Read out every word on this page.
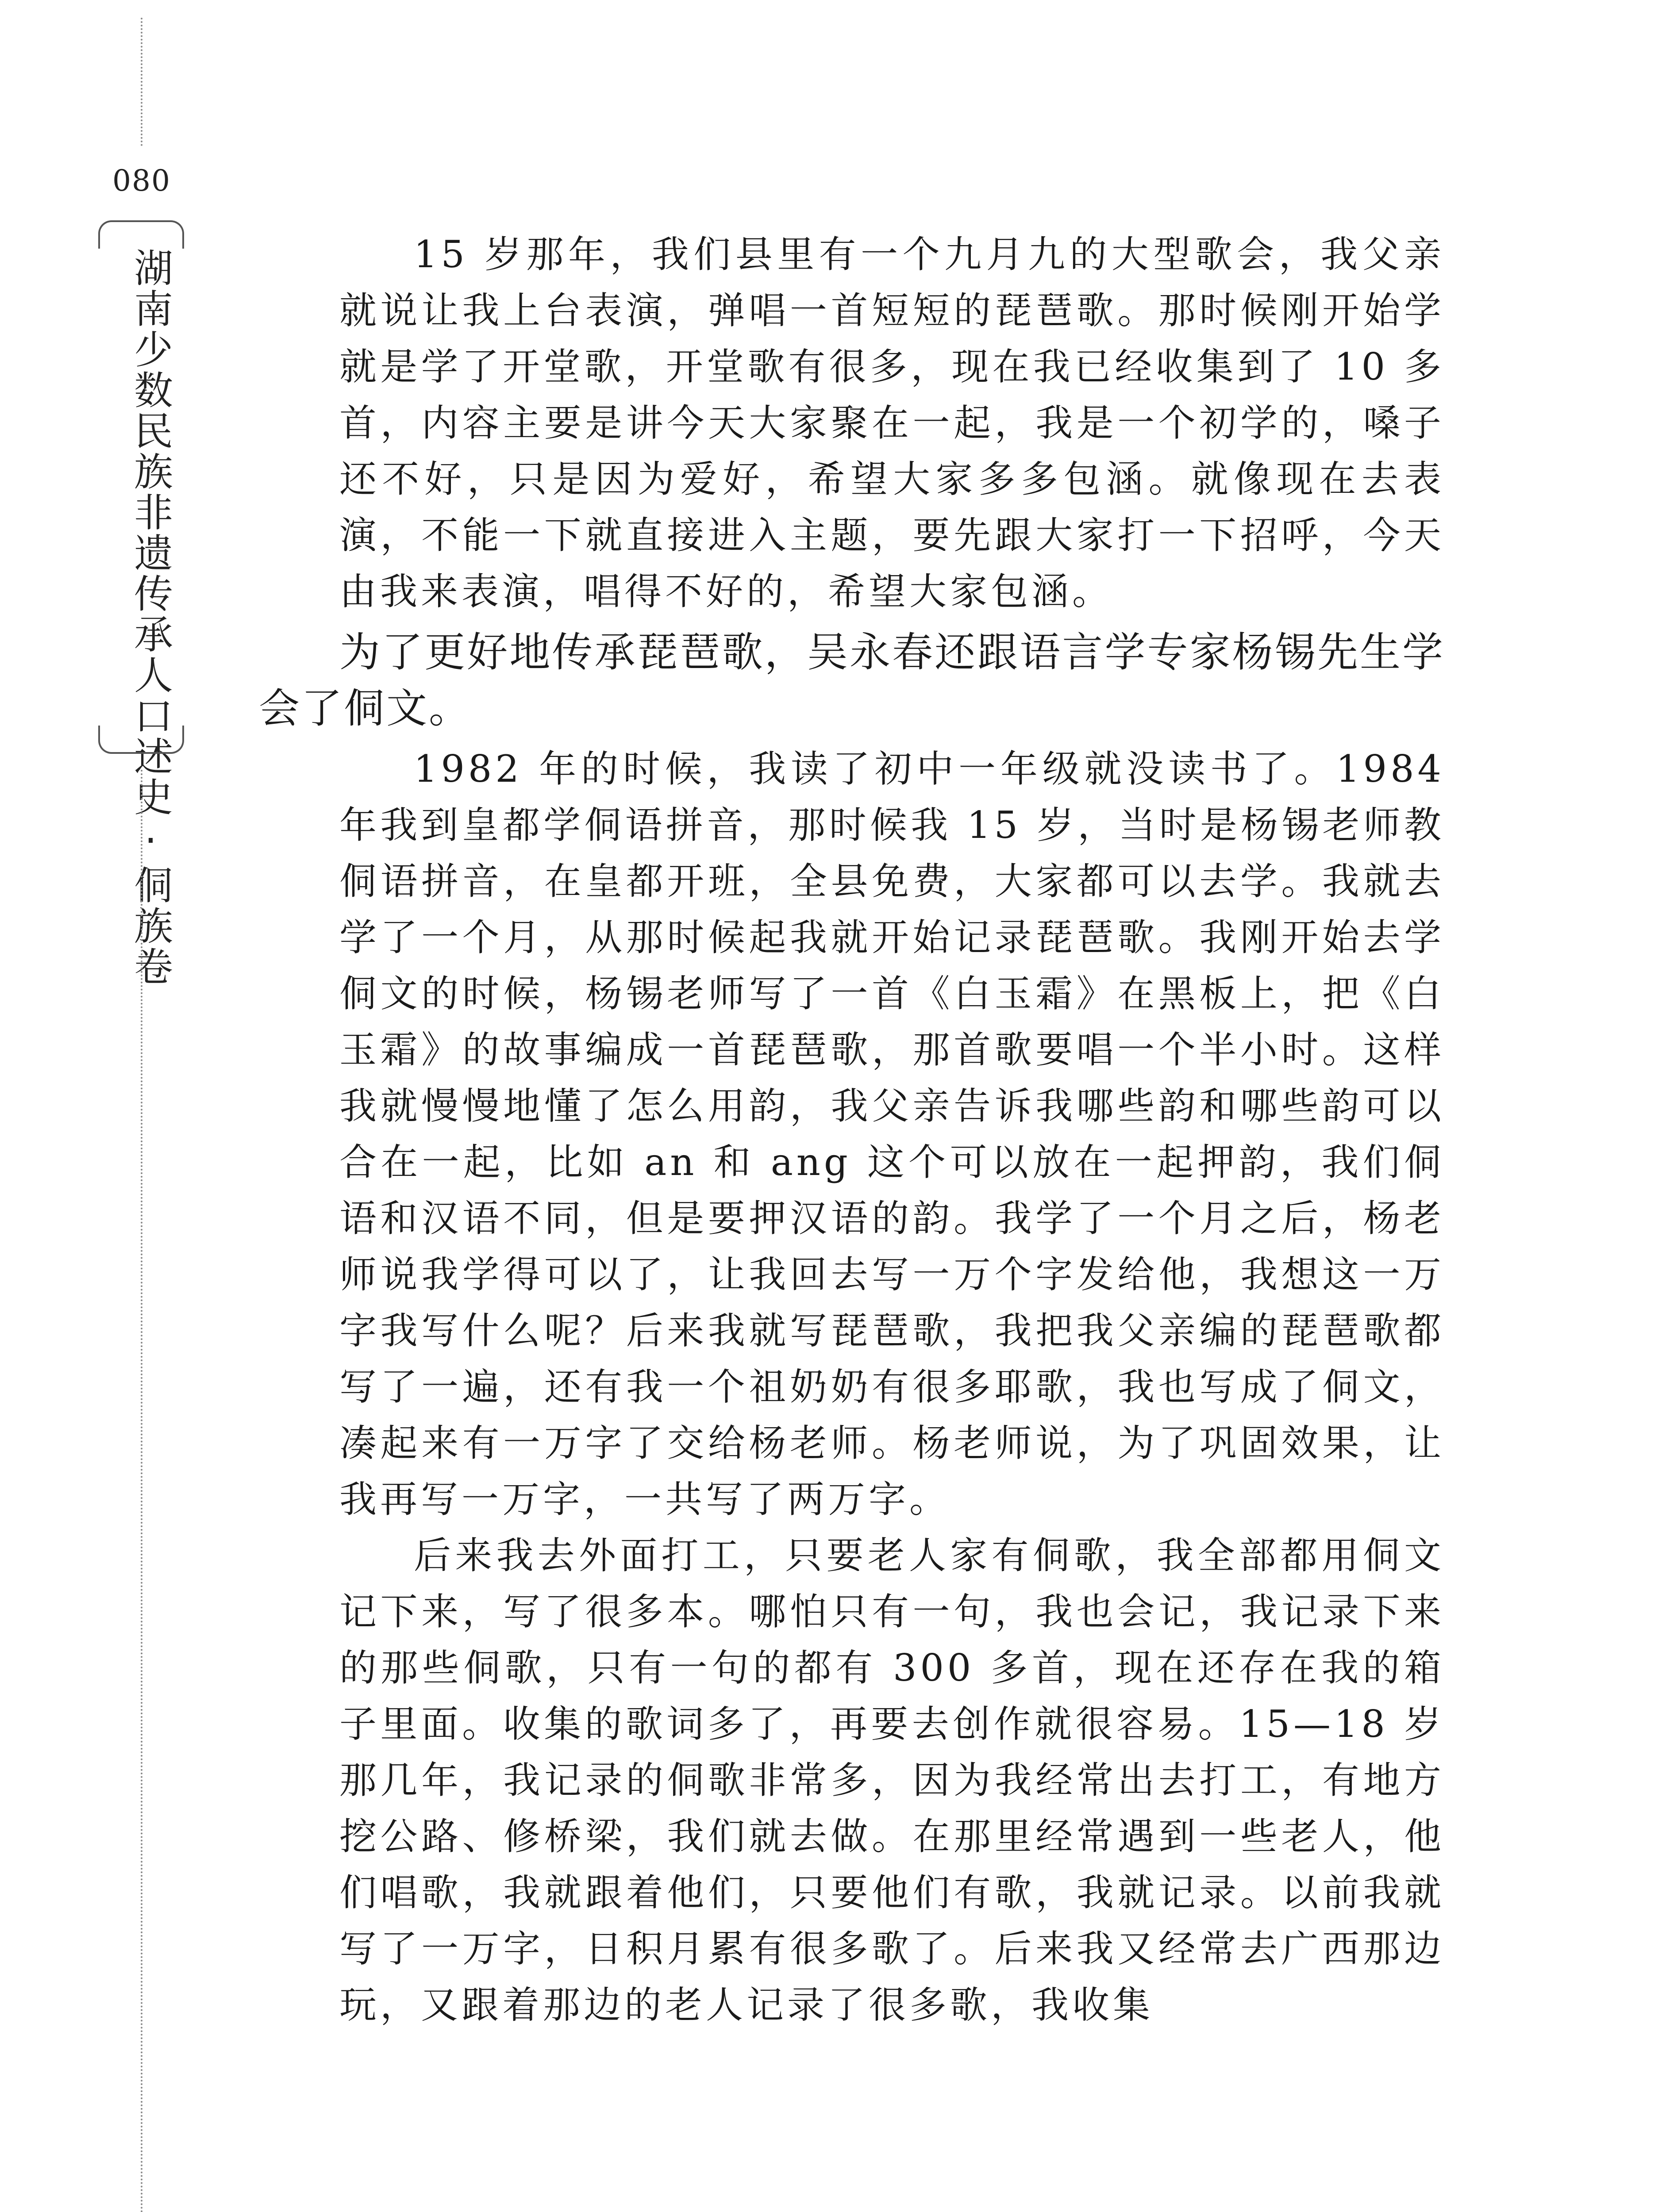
080
湖南少数民族非遗传承人口述史·侗族卷	15 岁那年，我们县里有一个九月九的大型歌会，我父亲就说让我上台表演，弹唱一首短短的琵琶歌。那时候刚开始学就是学了开堂歌，开堂歌有很多，现在我已经收集到了 10 多首，内容主要是讲今天大家聚在一起，我是一个初学的，嗓子还不好，只是因为爱好，希望大家多多包涵。就像现在去表演，不能一下就直接进入主题，要先跟大家打一下招呼，今天由我来表演，唱得不好的，希望大家包涵。

为了更好地传承琵琶歌，吴永春还跟语言学专家杨锡先生学会了侗文。

1982 年的时候，我读了初中一年级就没读书了。1984 年我到皇都学侗语拼音，那时候我 15 岁，当时是杨锡老师教侗语拼音，在皇都开班，全县免费，大家都可以去学。我就去学了一个月，从那时候起我就开始记录琵琶歌。我刚开始去学侗文的时候，杨锡老师写了一首《白玉霜》在黑板上，把《白玉霜》的故事编成一首琵琶歌，那首歌要唱一个半小时。这样我就慢慢地懂了怎么用韵，我父亲告诉我哪些韵和哪些韵可以合在一起，比如 an 和 ang 这个可以放在一起押韵，我们侗语和汉语不同，但是要押汉语的韵。我学了一个月之后，杨老师说我学得可以了，让我回去写一万个字发给他，我想这一万字我写什么呢？后来我就写琵琶歌，我把我父亲编的琵琶歌都写了一遍，还有我一个祖奶奶有很多耶歌，我也写成了侗文，凑起来有一万字了交给杨老师。杨老师说，为了巩固效果，让我再写一万字，一共写了两万字。

后来我去外面打工，只要老人家有侗歌，我全部都用侗文记下来，写了很多本。哪怕只有一句，我也会记，我记录下来的那些侗歌，只有一句的都有 300 多首，现在还存在我的箱子里面。收集的歌词多了，再要去创作就很容易。15—18 岁那几年，我记录的侗歌非常多，因为我经常出去打工，有地方挖公路、修桥梁，我们就去做。在那里经常遇到一些老人，他们唱歌，我就跟着他们，只要他们有歌，我就记录。以前我就写了一万字，日积月累有很多歌了。后来我又经常去广西那边玩，又跟着那边的老人记录了很多歌，我收集
